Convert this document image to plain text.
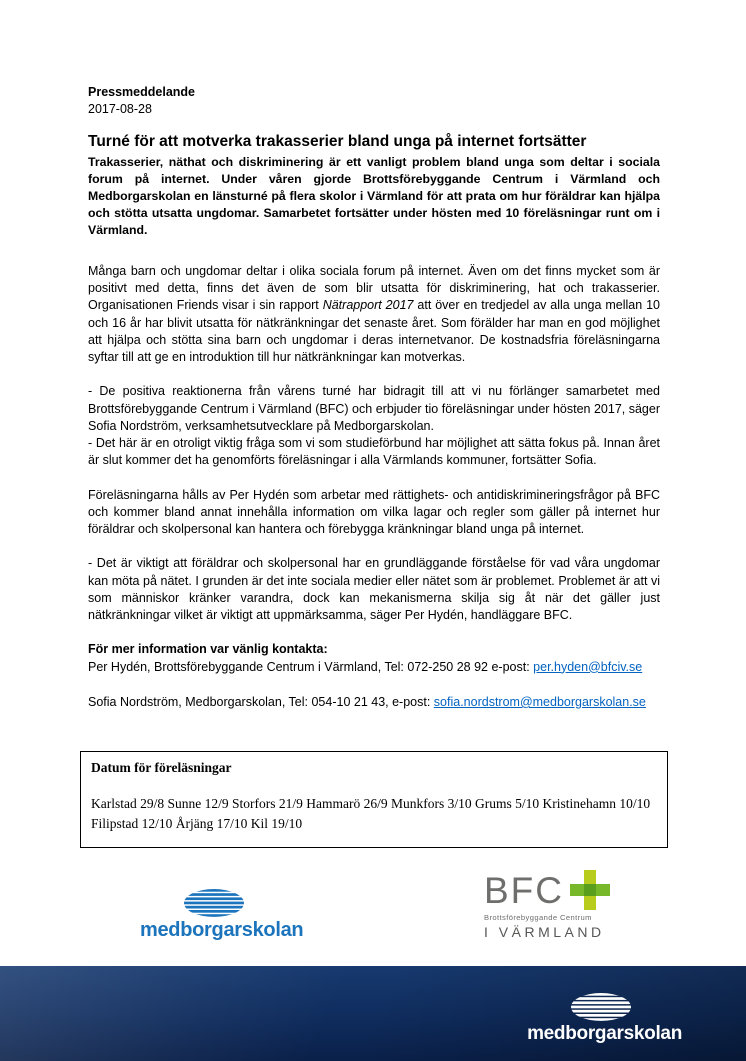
Pressmeddelande
2017-08-28
Turné för att motverka trakasserier bland unga på internet fortsätter

Trakasserier, näthat och diskriminering är ett vanligt problem bland unga som deltar i sociala forum på internet. Under våren gjorde Brottsförebyggande Centrum i Värmland och Medborgarskolan en länsturné på flera skolor i Värmland för att prata om hur föräldrar kan hjälpa och stötta utsatta ungdomar. Samarbetet fortsätter under hösten med 10 föreläsningar runt om i Värmland.

Många barn och ungdomar deltar i olika sociala forum på internet. Även om det finns mycket som är positivt med detta, finns det även de som blir utsatta för diskriminering, hat och trakasserier. Organisationen Friends visar i sin rapport Nätrapport 2017 att över en tredjedel av alla unga mellan 10 och 16 år har blivit utsatta för nätkränkningar det senaste året. Som förälder har man en god möjlighet att hjälpa och stötta sina barn och ungdomar i deras internetvanor. De kostnadsfria föreläsningarna syftar till att ge en introduktion till hur nätkränkningar kan motverkas.

- De positiva reaktionerna från vårens turné har bidragit till att vi nu förlänger samarbetet med Brottsförebyggande Centrum i Värmland (BFC) och erbjuder tio föreläsningar under hösten 2017, säger Sofia Nordström, verksamhetsutvecklare på Medborgarskolan.

- Det här är en otroligt viktig fråga som vi som studieförbund har möjlighet att sätta fokus på. Innan året är slut kommer det ha genomförts föreläsningar i alla Värmlands kommuner, fortsätter Sofia.

Föreläsningarna hålls av Per Hydén som arbetar med rättighets- och antidiskrimineringsfrågor på BFC och kommer bland annat innehålla information om vilka lagar och regler som gäller på internet hur föräldrar och skolpersonal kan hantera och förebygga kränkningar bland unga på internet.

- Det är viktigt att föräldrar och skolpersonal har en grundläggande förståelse för vad våra ungdomar kan möta på nätet. I grunden är det inte sociala medier eller nätet som är problemet. Problemet är att vi som människor kränker varandra, dock kan mekanismerna skilja sig åt när det gäller just nätkränkningar vilket är viktigt att uppmärksamma, säger Per Hydén, handläggare BFC.

För mer information var vänlig kontakta:

Per Hydén, Brottsförebyggande Centrum i Värmland, Tel: 072-250 28 92 e-post: per.hyden@bfciv.se

Sofia Nordström, Medborgarskolan, Tel: 054-10 21 43, e-post: sofia.nordstrom@medborgarskolan.se

Datum för föreläsningar

Karlstad 29/8 Sunne 12/9 Storfors 21/9 Hammarö 26/9 Munkfors 3/10 Grums 5/10 Kristinehamn 10/10 Filipstad 12/10 Årjäng 17/10 Kil 19/10

medborgarskolan
BFC
Brottsförebyggande Centrum
I VÄRMLAND
medborgarskolan
